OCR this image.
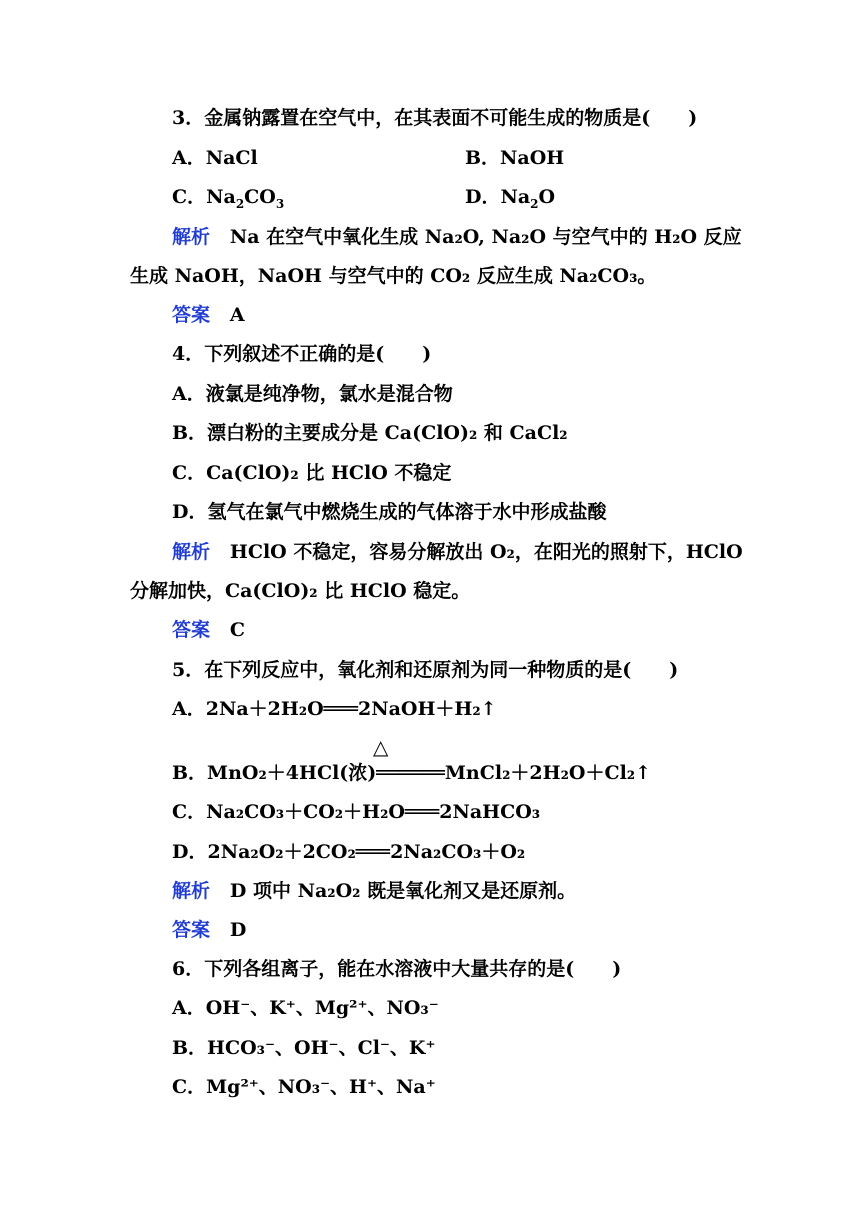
3．金属钠露置在空气中，在其表面不可能生成的物质是(　　)
A．NaCl	B．NaOH
C．$Na_2CO_3$	D．$Na_2O$
解析 Na 在空气中氧化生成 Na₂O, Na₂O 与空气中的 H₂O 反应
生成 NaOH，NaOH 与空气中的 CO₂ 反应生成 Na₂CO₃。
答案 A
4．下列叙述不正确的是(　　)
A．液氯是纯净物，氯水是混合物
B．漂白粉的主要成分是 Ca(ClO)₂ 和 CaCl₂
C．Ca(ClO)₂ 比 HClO 不稳定
D．氢气在氯气中燃烧生成的气体溶于水中形成盐酸
解析 HClO 不稳定，容易分解放出 O₂，在阳光的照射下，HClO
分解加快，Ca(ClO)₂ 比 HClO 稳定。
答案 C
5．在下列反应中，氧化剂和还原剂为同一种物质的是(　　)
A．2Na＋2H₂O═══2NaOH＋H₂↑
△
B．MnO₂＋4HCl(浓)══════MnCl₂＋2H₂O＋Cl₂↑
C．Na₂CO₃＋CO₂＋H₂O═══2NaHCO₃
D．2Na₂O₂＋2CO₂═══2Na₂CO₃＋O₂
解析 D 项中 Na₂O₂ 既是氧化剂又是还原剂。
答案 D
6．下列各组离子，能在水溶液中大量共存的是(　　)
A．OH⁻、K⁺、Mg²⁺、NO₃⁻
B．HCO₃⁻、OH⁻、Cl⁻、K⁺
C．Mg²⁺、NO₃⁻、H⁺、Na⁺
